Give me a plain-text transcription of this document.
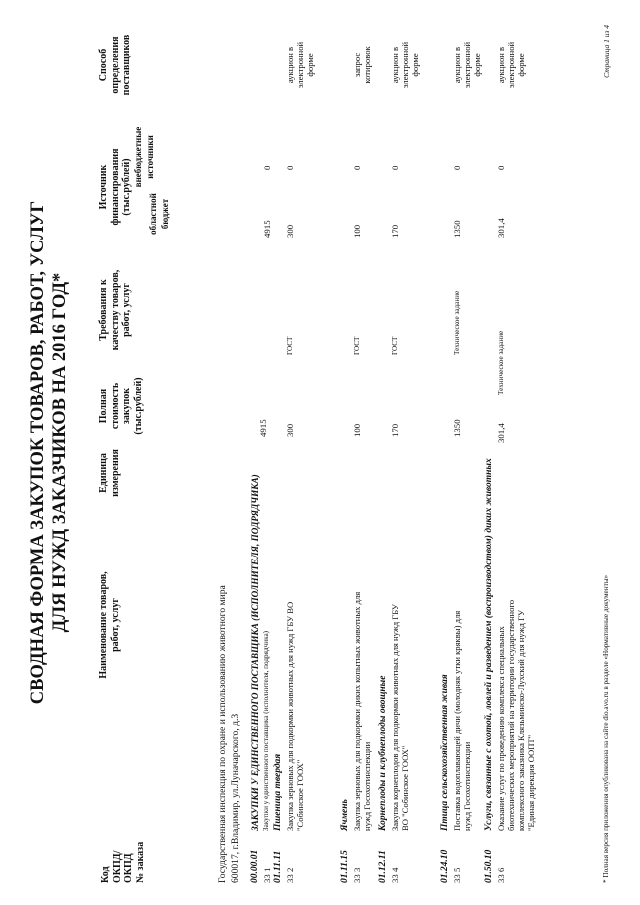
СВОДНАЯ ФОРМА ЗАКУПОК ТОВАРОВ, РАБОТ, УСЛУГ ДЛЯ НУЖД ЗАКАЗЧИКОВ НА 2016 ГОД*
Код ОКПД/ ОКПД № заказа
Наименование товаров, работ, услуг
Единица измерения
Полная стоимость закупок (тыс.рублей)
Требования к качеству товаров, работ, услуг
Источник финансирования (тыс.рублей) областной бюджет
внебюджетные источники
Способ определения поставщиков
Государственная инспекция по охране и использованию животного мира 600017, г.Владимир, ул.Луначарского, д.3 00.00.01
ЗАКУПКИ У ЕДИНСТВЕННОГО ПОСТАВЩИКА (ИСПОЛНИТЕЛЯ, ПОДРЯДЧИКА)
4915
33 1
Закупки у единственного поставщика (исполнителя, подрядчика)
4915
0
01.11.11
Пшеница твердая
33 2
Закупка зерновых для подкормки животных для нужд ГБУ ВО "Собинское ГООХ"
300
ГОСТ
300
0
аукцион в электронной форме
01.11.15
Ячмень
33 3
Закупка зерновых для подкормки диких копытных животных для нужд Госохотинспекции
100
ГОСТ
100
0
запрос котировок
01.12.11
Корнеплоды и клубнеплоды овощные
33 4
Закупка корнеплодов для подкормки животных для нужд ГБУ ВО "Собинское ГООХ"
170
ГОСТ
170
0
аукцион в электронной форме
01.24.10
Птица сельскохозяйственная живая
33 5
Поставка водоплавающей дичи (молодняк утки кряквы) для нужд Госохотинспекции
1350
Техническое задание
1350
0
аукцион в электронной форме
01.50.10
Услуги, связанные с охотой, ловлей и разведением (воспроизводством) диких животных
33 6
Оказание услуг по проведению комплекса специальных биотехнических мероприятий на территории государственного комплексного заказника Клязьминско-Лухский для нужд ГУ "Единая дирекция ООПТ"
301,4
Техническое задание
301,4
0
аукцион в электронной форме
* Полная версия приложения опубликована на сайте dio.avo.ru в разделе «Нормативные документы»
Страница 1 из 4
